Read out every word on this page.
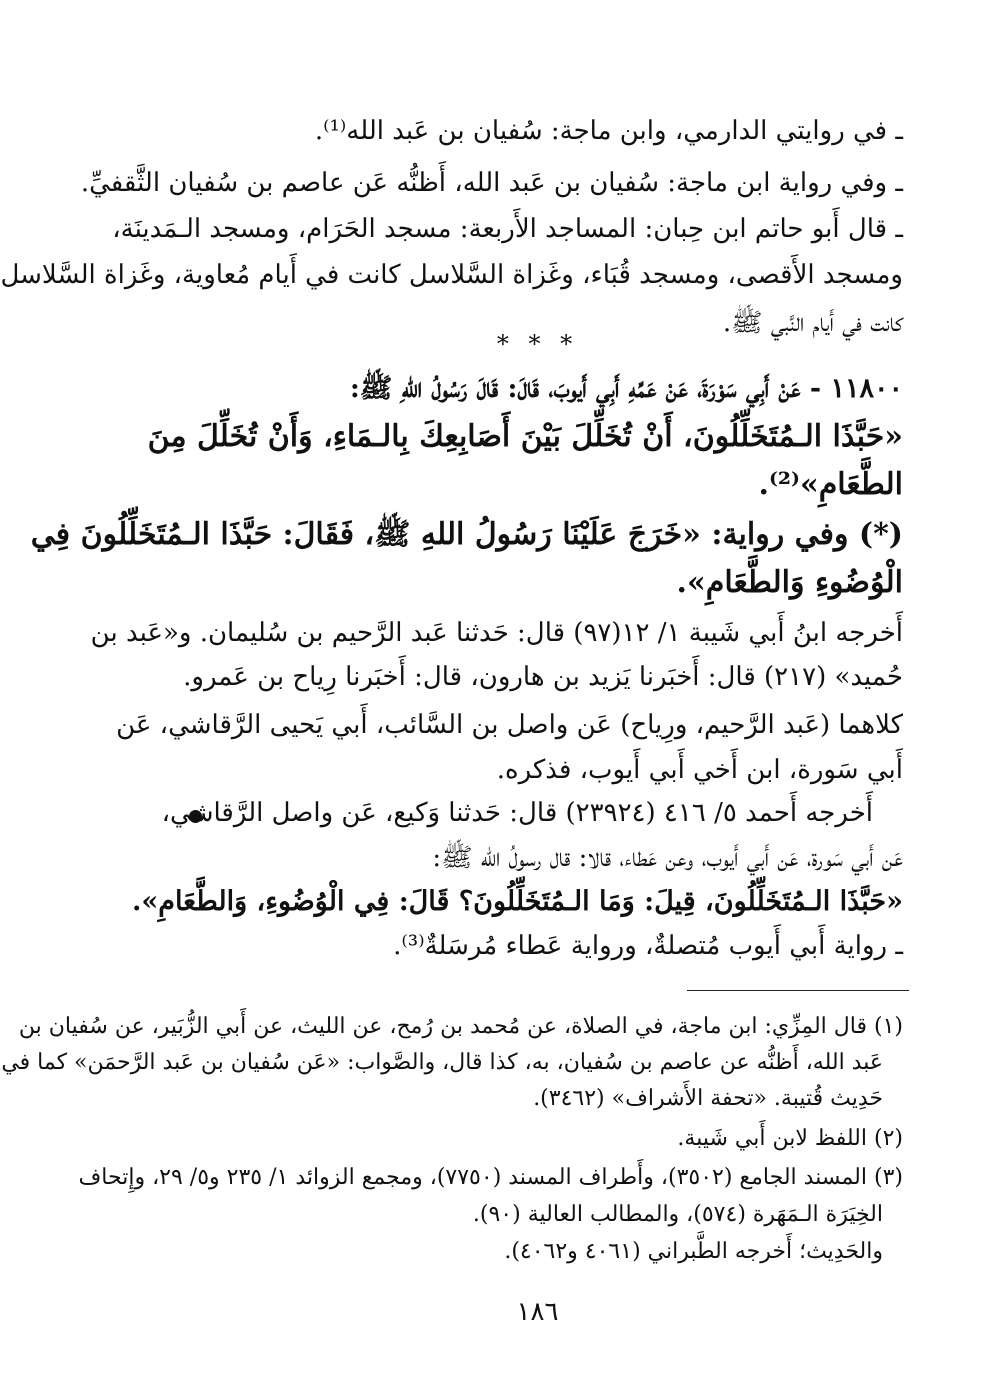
ـ في روايتي الدارمي، وابن ماجة: سُفيان بن عَبد الله⁽¹⁾.
ـ وفي رواية ابن ماجة: سُفيان بن عَبد الله، أَظنُّه عَن عاصم بن سُفيان الثَّقفيِّ.
ـ قال أَبو حاتم ابن حِبان: المساجد الأَربعة: مسجد الحَرَام، ومسجد الـمَدينَة،
ومسجد الأَقصى، ومسجد قُبَاء، وغَزاة السَّلاسل كانت في أَيام مُعاوية، وغَزاة السَّلاسل
كانت في أَيام النَّبي ﷺ.
* * *
١١٨٠٠ - عَنْ أَبِي سَوْرَةَ، عَنْ عَمِّهِ أَبِي أَيوبَ، قَالَ: قَالَ رَسُولُ اللهِ ﷺ:
«حَبَّذَا الـمُتَخَلِّلُونَ، أَنْ تُخَلِّلَ بَيْنَ أَصَابِعِكَ بِالـمَاءِ، وَأَنْ تُخَلِّلَ مِنَ
الطَّعَامِ»⁽²⁾.
(*) وفي رواية: «خَرَجَ عَلَيْنَا رَسُولُ اللهِ ﷺ، فَقَالَ: حَبَّذَا الـمُتَخَلِّلُونَ فِي
الْوُضُوءِ وَالطَّعَامِ».
أَخرجه ابنُ أَبي شَيبة ١/ ١٢(٩٧) قال: حَدثنا عَبد الرَّحيم بن سُليمان. و«عَبد بن
حُميد» (٢١٧) قال: أَخبَرنا يَزيد بن هارون، قال: أَخبَرنا رِياح بن عَمرو.
كلاهما (عَبد الرَّحيم، ورِياح) عَن واصل بن السَّائب، أَبي يَحيى الرَّقاشي، عَن
أَبي سَورة، ابن أَخي أَبي أَيوب، فذكره.
أَخرجه أَحمد ٥/ ٤١٦ (٢٣٩٢٤) قال: حَدثنا وَكيع، عَن واصل الرَّقاشي،
عَن أَبي سَورة، عَن أَبي أَيوب، وعن عَطاء، قالا: قال رسولُ الله ﷺ:
«حَبَّذَا الـمُتَخَلِّلُونَ، قِيلَ: وَمَا الـمُتَخَلِّلُونَ؟ قَالَ: فِي الْوُضُوءِ، وَالطَّعَامِ».
ـ رواية أَبي أَيوب مُتصلةٌ، ورواية عَطاء مُرسَلةٌ⁽³⁾.
(١) قال المِزِّي: ابن ماجة، في الصلاة، عن مُحمد بن رُمح، عن الليث، عن أَبي الزُّبَير، عن سُفيان بن
عَبد الله، أَظنُّه عن عاصم بن سُفيان، به، كذا قال، والصَّواب: «عَن سُفيان بن عَبد الرَّحمَن» كما في
حَدِيث قُتيبة. «تحفة الأَشراف» (٣٤٦٢).
(٢) اللفظ لابن أَبي شَيبة.
(٣) المسند الجامع (٣٥٠٢)، وأَطراف المسند (٧٧٥٠)، ومجمع الزوائد ١/ ٢٣٥ و٥/ ٢٩، وإِتحاف
الخِيَرَة الـمَهَرة (٥٧٤)، والمطالب العالية (٩٠).
والحَدِيث؛ أَخرجه الطَّبراني (٤٠٦١ و٤٠٦٢).
١٨٦
